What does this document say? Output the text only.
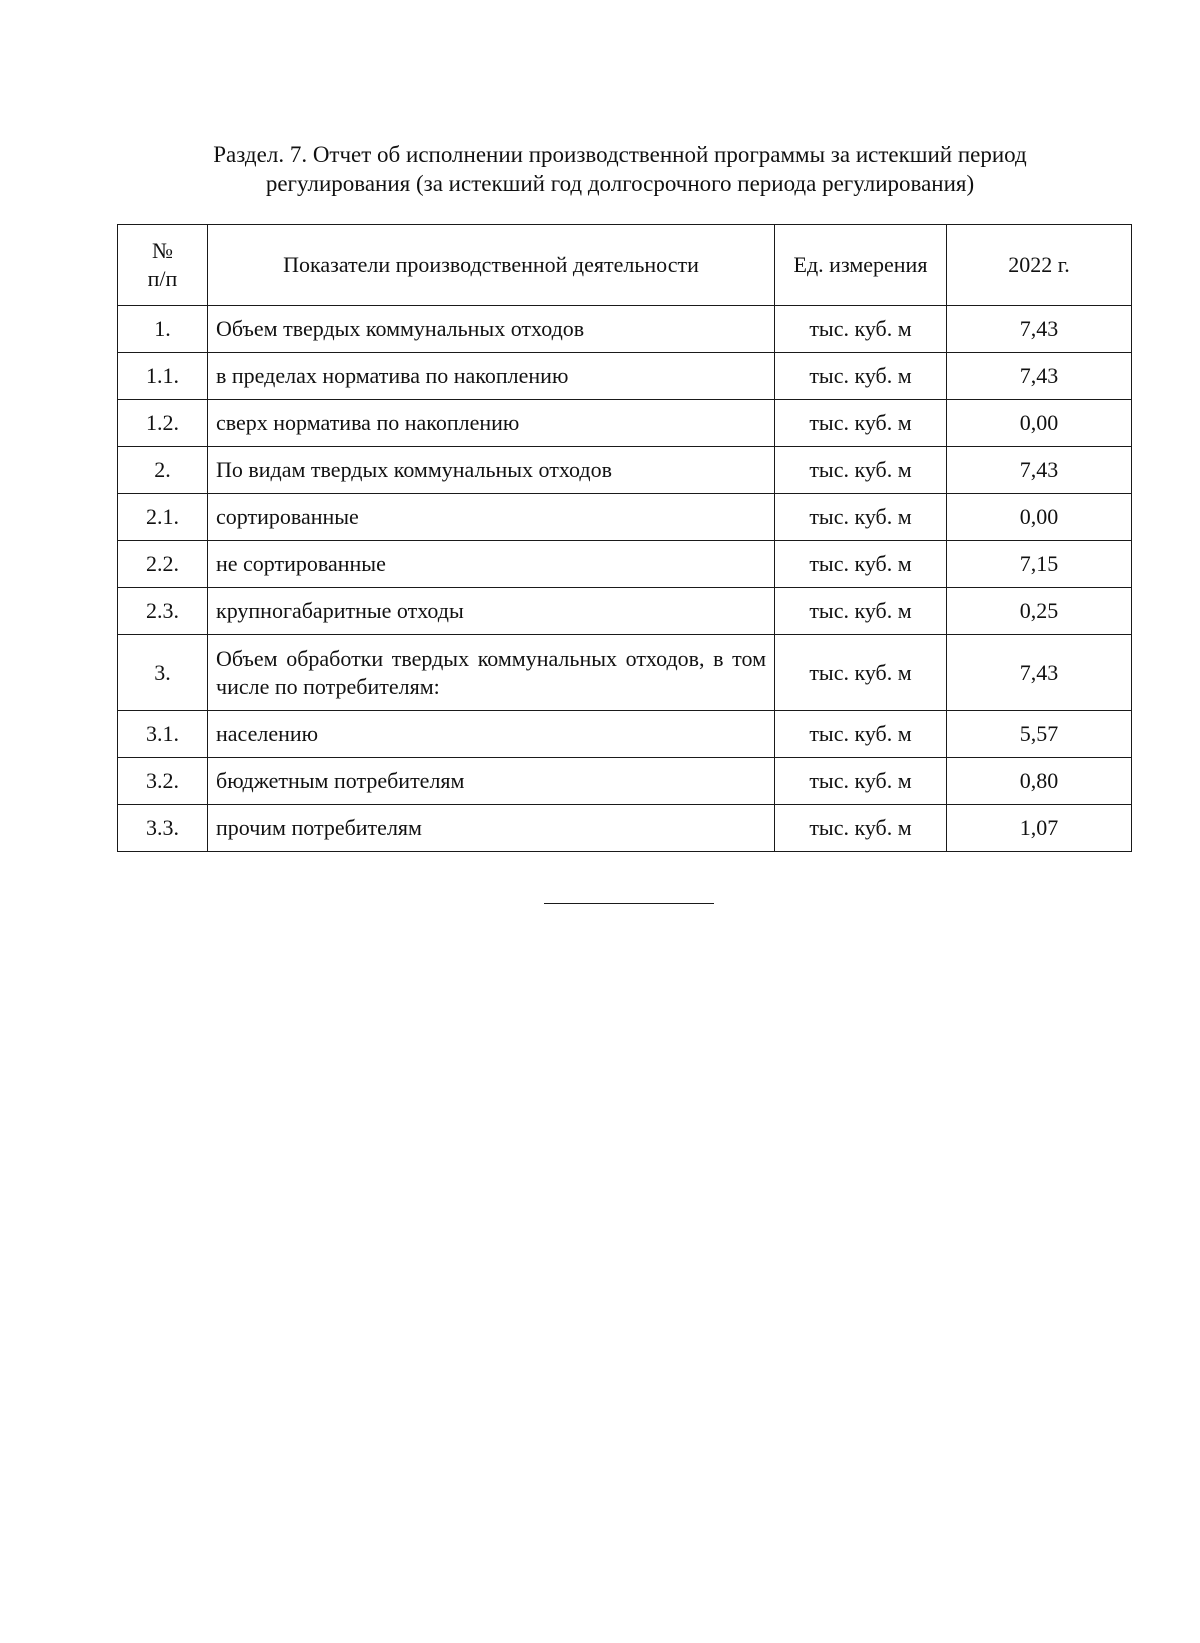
Раздел. 7. Отчет об исполнении производственной программы за истекший период
регулирования (за истекший год долгосрочного периода регулирования)
№
п/п	Показатели производственной деятельности	Ед. измерения	2022 г.
1.	Объем твердых коммунальных отходов	тыс. куб. м	7,43
1.1.	в пределах норматива по накоплению	тыс. куб. м	7,43
1.2.	сверх норматива по накоплению	тыс. куб. м	0,00
2.	По видам твердых коммунальных отходов	тыс. куб. м	7,43
2.1.	сортированные	тыс. куб. м	0,00
2.2.	не сортированные	тыс. куб. м	7,15
2.3.	крупногабаритные отходы	тыс. куб. м	0,25
3.	Объем обработки твердых коммунальных отходов, в том числе по потребителям:	тыс. куб. м	7,43
3.1.	населению	тыс. куб. м	5,57
3.2.	бюджетным потребителям	тыс. куб. м	0,80
3.3.	прочим потребителям	тыс. куб. м	1,07
